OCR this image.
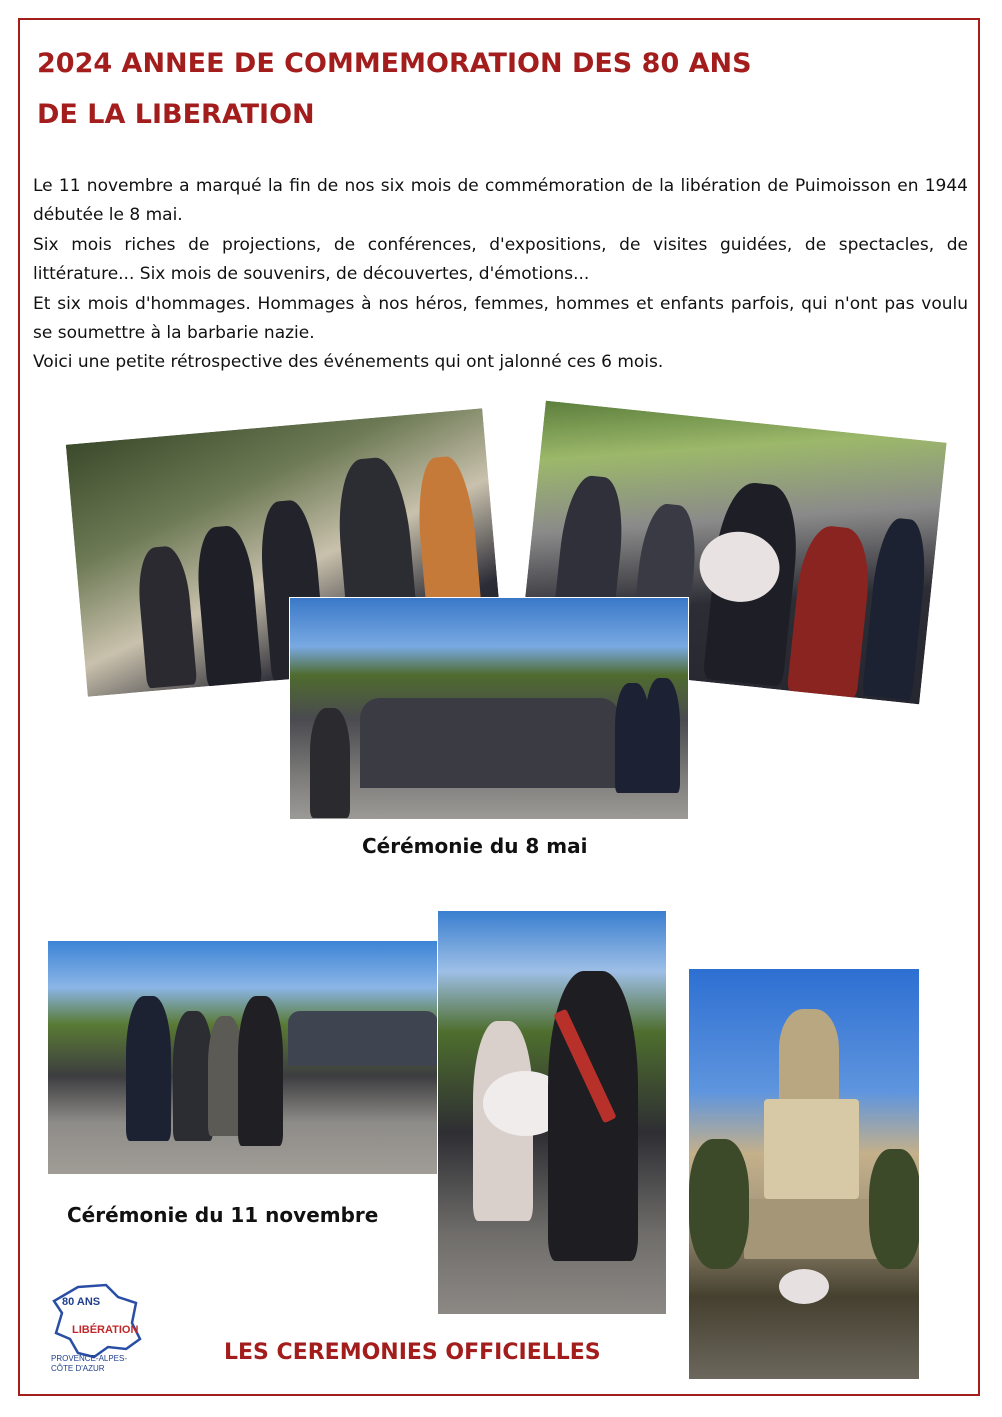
2024 ANNEE DE COMMEMORATION DES 80 ANS
DE LA LIBERATION

Le 11 novembre a marqué la fin de nos six mois de commémoration de la libération de Puimoisson en 1944 débutée le 8 mai.

Six mois riches de projections, de conférences, d'expositions, de visites guidées, de spectacles, de littérature... Six mois de souvenirs, de découvertes, d'émotions...

Et six mois d'hommages. Hommages à nos héros, femmes, hommes et enfants parfois, qui n'ont pas voulu se soumettre à la barbarie nazie.

Voici une petite rétrospective des événements qui ont jalonné ces 6 mois.

Cérémonie du 8 mai
Cérémonie du 11 novembre
80 ANS
LIBÉRATION
PROVENCE-ALPES-
CÔTE D'AZUR
LES CEREMONIES OFFICIELLES
